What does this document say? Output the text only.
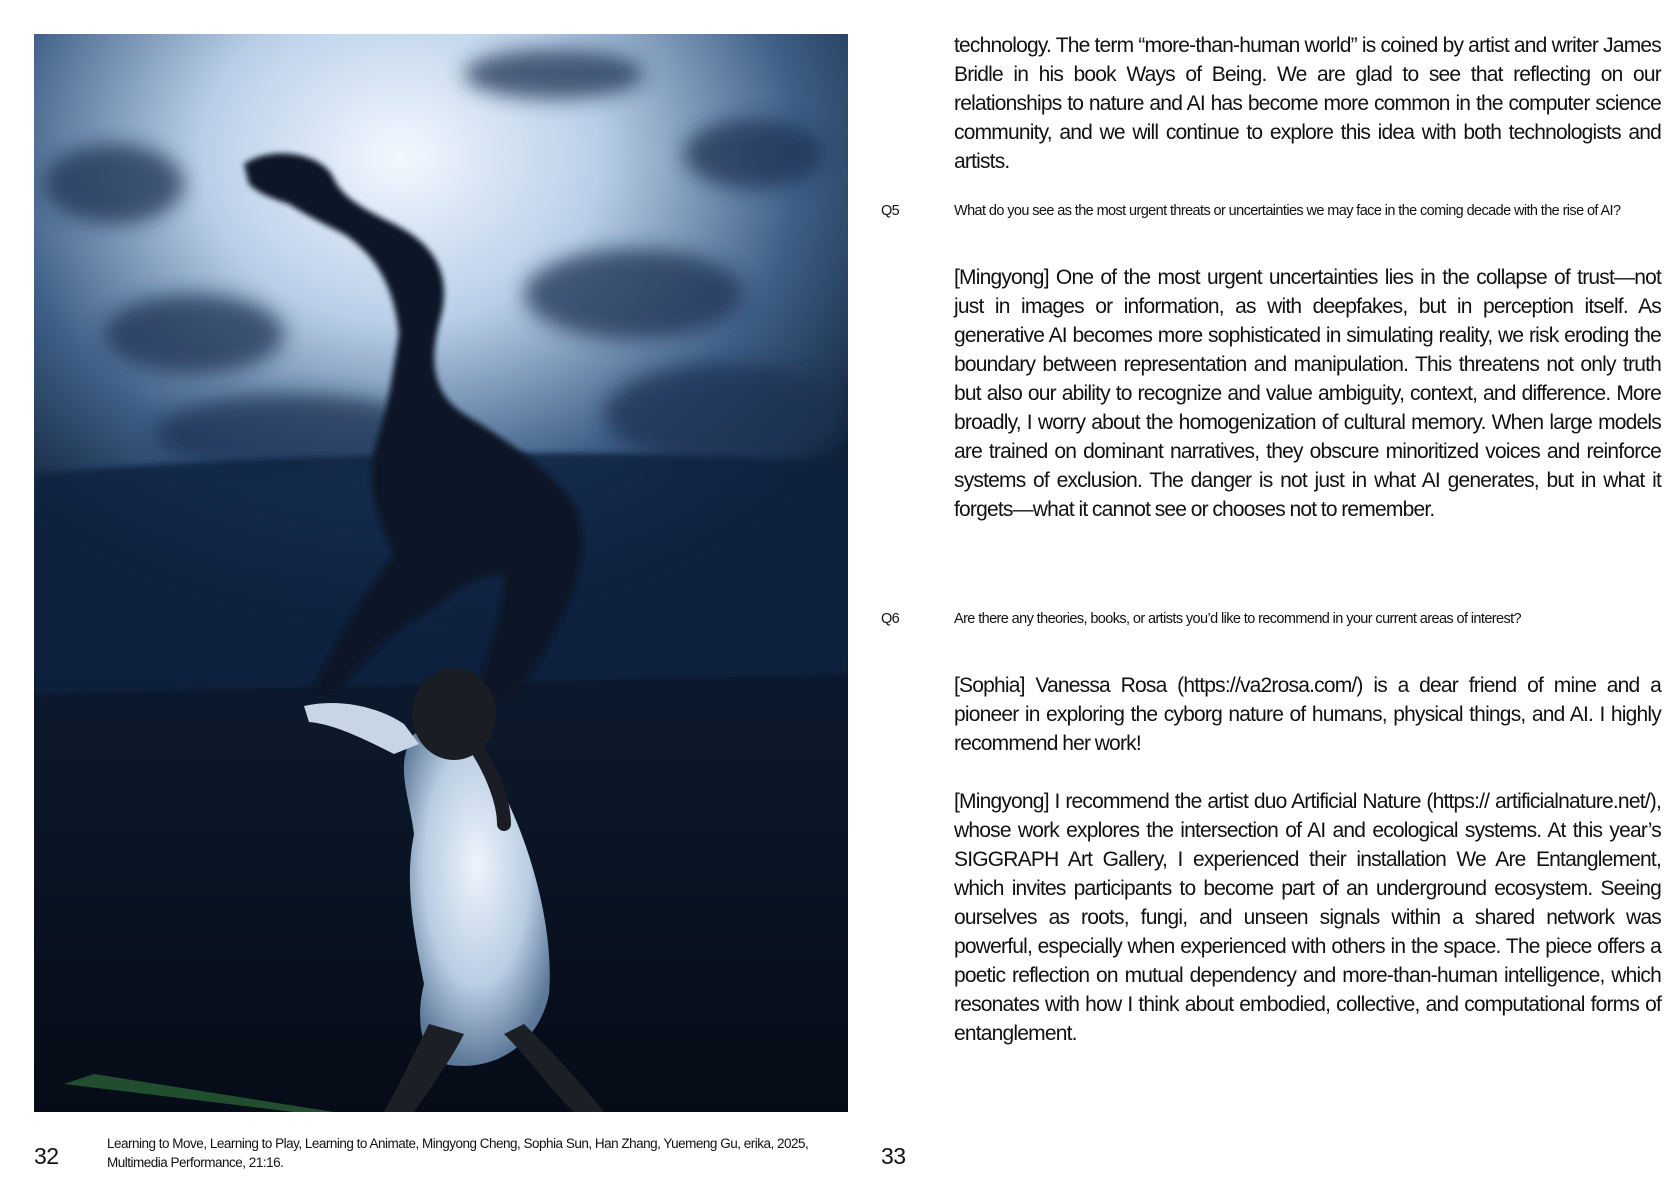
32	Learning to Move, Learning to Play, Learning to Animate, Mingyong Cheng, Sophia Sun, Han Zhang, Yuemeng Gu, erika, 2025, Multimedia Performance, 21:16.

technology. The term “more-than-human world” is coined by artist and writer James Bridle in his book Ways of Being. We are glad to see that reflecting on our relationships to nature and AI has become more common in the computer science community, and we will continue to explore this idea with both technologists and artists.

Q5	What do you see as the most urgent threats or uncertainties we may face in the coming decade with the rise of AI?

[Mingyong] One of the most urgent uncertainties lies in the collapse of trust—not just in images or information, as with deepfakes, but in perception itself. As generative AI becomes more sophisticated in simulating reality, we risk eroding the boundary between representation and manipulation. This threatens not only truth but also our ability to recognize and value ambiguity, context, and difference. More broadly, I worry about the homogenization of cultural memory. When large models are trained on dominant narratives, they obscure minoritized voices and reinforce systems of exclusion. The danger is not just in what AI generates, but in what it forgets—what it cannot see or chooses not to remember.

Q6	Are there any theories, books, or artists you’d like to recommend in your current areas of interest?

[Sophia] Vanessa Rosa (https://va2rosa.com/) is a dear friend of mine and a pioneer in exploring the cyborg nature of humans, physical things, and AI. I highly recommend her work!

[Mingyong] I recommend the artist duo Artificial Nature (https:// artificialnature.net/), whose work explores the intersection of AI and ecological systems. At this year’s SIGGRAPH Art Gallery, I experienced their installation We Are Entanglement, which invites participants to become part of an underground ecosystem. Seeing ourselves as roots, fungi, and unseen signals within a shared network was powerful, especially when experienced with others in the space. The piece offers a poetic reflection on mutual dependency and more-than-human intelligence, which resonates with how I think about embodied, collective, and computational forms of entanglement.

33
